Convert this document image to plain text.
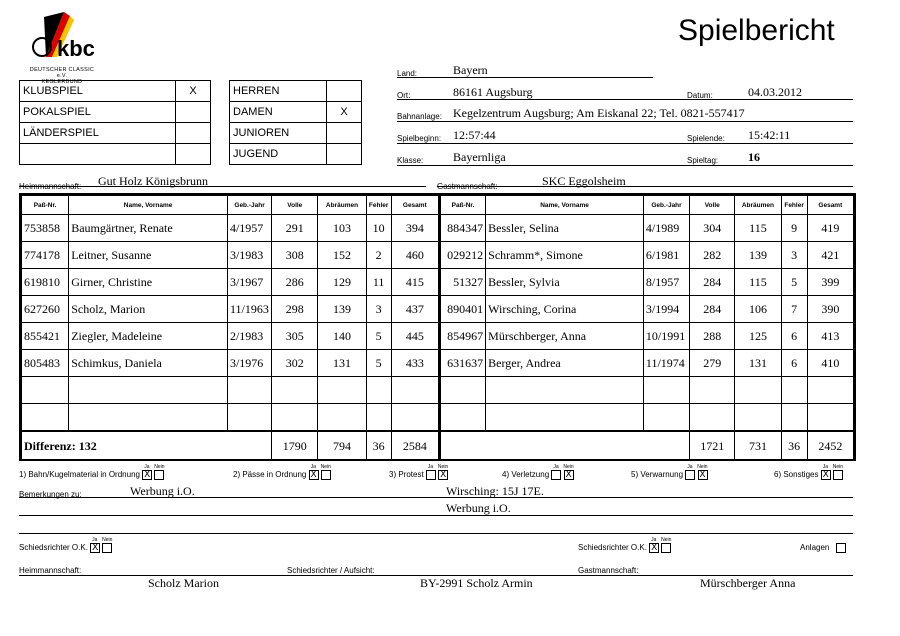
kbc
DEUTSCHER CLASSIC e.V.
KEGLERBUND
Spielbericht
KLUBSPIEL	X
POKALSPIEL	
LÄNDERSPIEL	

HERREN	
DAMEN	X
JUNIOREN	
JUGEND	
Land:	Bayern
Ort:	86161 Augsburg	Datum:	04.03.2012
Bahnanlage: Kegelzentrum Augsburg; Am Eiskanal 22; Tel. 0821-557417
Spielbeginn: 12:57:44	Spielende: 15:42:11
Klasse: Bayernliga	Spieltag: 16
Heimmannschaft: Gut Holz Königsbrunn	Gastmannschaft:	SKC Eggolsheim
Paß-Nr.	Name, Vorname	Geb.-Jahr	Volle	Abräumen	Fehler	Gesamt	Paß-Nr.	Name, Vorname	Geb.-Jahr	Volle	Abräumen	Fehler	Gesamt
753858	Baumgärtner, Renate	4/1957	291	103	10	394	884347	Bessler, Selina	4/1989	304	115	9	419
774178	Leitner, Susanne	3/1983	308	152	2	460	029212	Schramm*, Simone	6/1981	282	139	3	421
619810	Girner, Christine	3/1967	286	129	11	415	51327	Bessler, Sylvia	8/1957	284	115	5	399
627260	Scholz, Marion	11/1963	298	139	3	437	890401	Wirsching, Corina	3/1994	284	106	7	390
855421	Ziegler, Madeleine	2/1983	305	140	5	445	854967	Mürschberger, Anna	10/1991	288	125	6	413
805483	Schimkus, Daniela	3/1976	302	131	5	433	631637	Berger, Andrea	11/1974	279	131	6	410

Differenz: 132			1790	794	36	2584				1721	731	36	2452
1) Bahn/Kugelmaterial in Ordnung
Ja Nein
X	2) Pässe in Ordnung
Ja Nein
X	3) Protest
Ja Nein
X	4) Verletzung
Ja Nein
X	5) Verwarnung
Ja Nein
X	6) Sonstiges
Ja Nein
X
Bemerkungen zu:	Werbung i.O.	Wirsching: 15J 17E.
Werbung i.O.
Schiedsrichter O.K.
Ja Nein
X	Schiedsrichter O.K.
Ja Nein
X	Anlagen
Heimmannschaft:	Schiedsrichter / Aufsicht:	Gastmannschaft:
Scholz Marion	BY-2991 Scholz Armin	Mürschberger Anna
